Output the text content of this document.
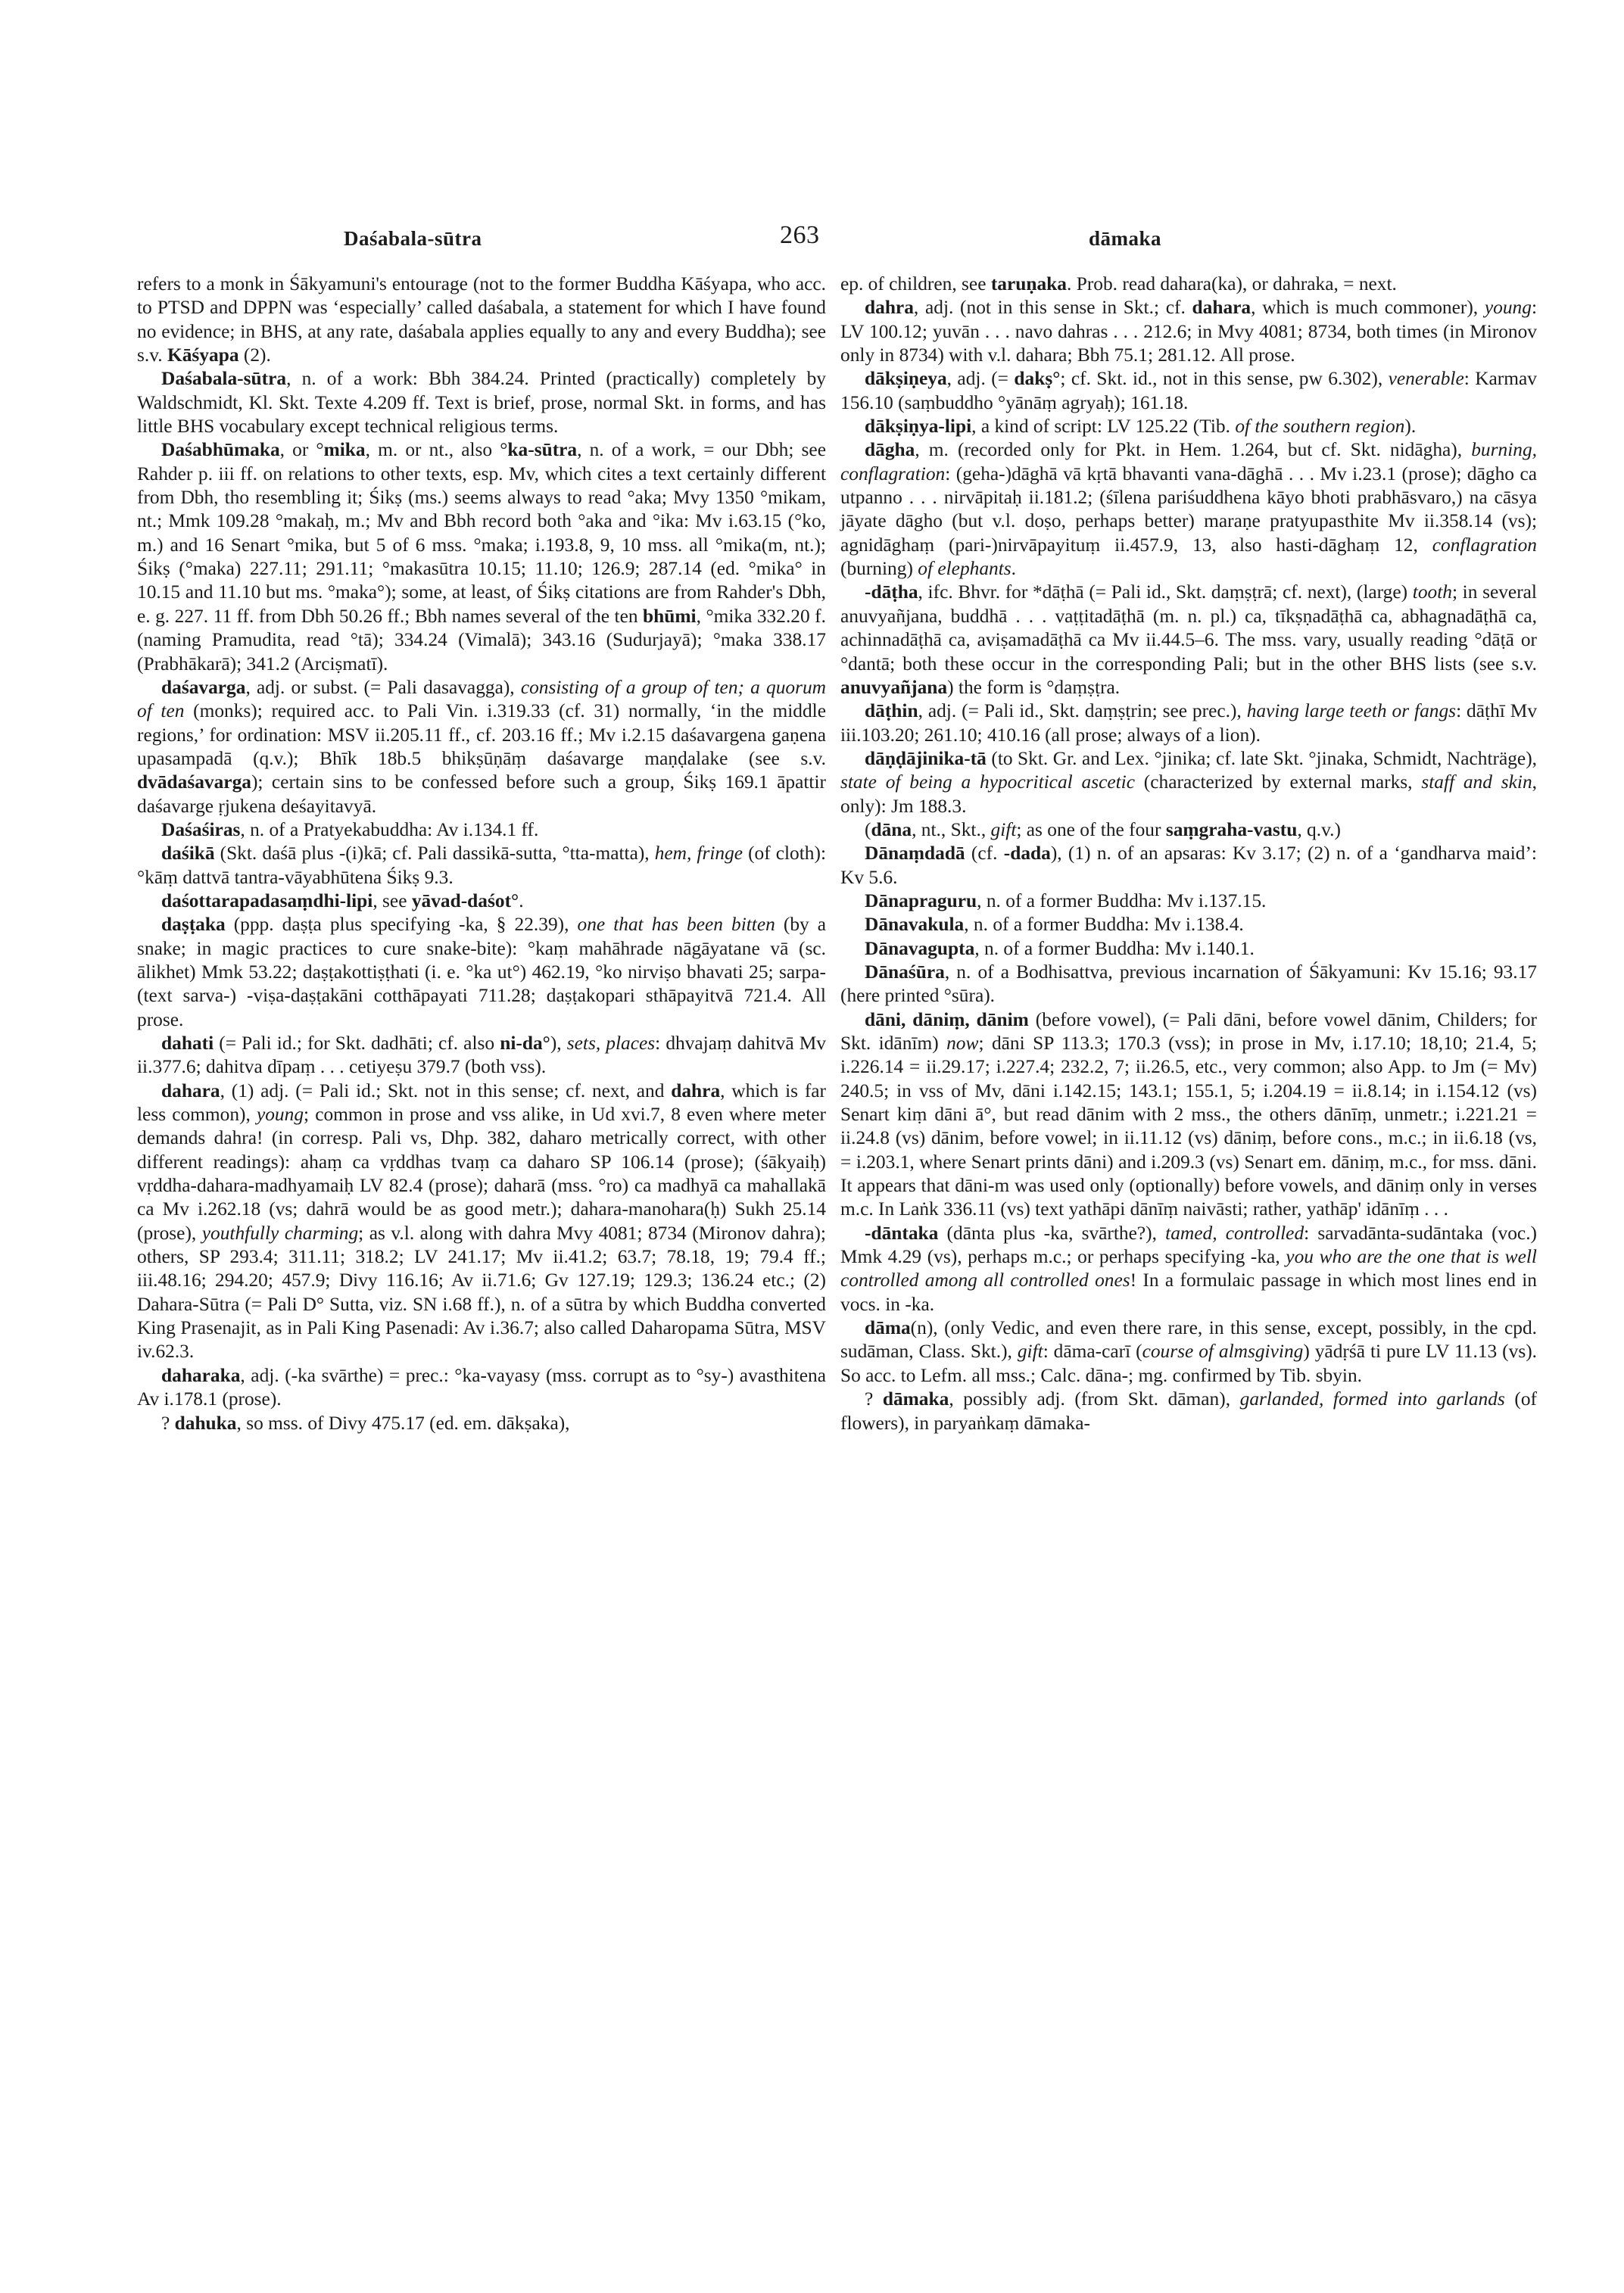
Daśabala-sūtra	263	dāmaka

refers to a monk in Śākyamuni's entourage (not to the former Buddha Kāśyapa, who acc. to PTSD and DPPN was ‘especially’ called daśabala, a statement for which I have found no evidence; in BHS, at any rate, daśabala applies equally to any and every Buddha); see s.v. Kāśyapa (2).

Daśabala-sūtra, n. of a work: Bbh 384.24. Printed (practically) completely by Waldschmidt, Kl. Skt. Texte 4.209 ff. Text is brief, prose, normal Skt. in forms, and has little BHS vocabulary except technical religious terms.

Daśabhūmaka, or °mika, m. or nt., also °ka-sūtra, n. of a work, = our Dbh; see Rahder p. iii ff. on relations to other texts, esp. Mv, which cites a text certainly different from Dbh, tho resembling it; Śikṣ (ms.) seems always to read °aka; Mvy 1350 °mikam, nt.; Mmk 109.28 °makaḥ, m.; Mv and Bbh record both °aka and °ika: Mv i.63.15 (°ko, m.) and 16 Senart °mika, but 5 of 6 mss. °maka; i.193.8, 9, 10 mss. all °mika(m, nt.); Śikṣ (°maka) 227.11; 291.11; °makasūtra 10.15; 11.10; 126.9; 287.14 (ed. °mika° in 10.15 and 11.10 but ms. °maka°); some, at least, of Śikṣ citations are from Rahder's Dbh, e. g. 227. 11 ff. from Dbh 50.26 ff.; Bbh names several of the ten bhūmi, °mika 332.20 f. (naming Pramudita, read °tā); 334.24 (Vimalā); 343.16 (Sudurjayā); °maka 338.17 (Prabhākarā); 341.2 (Arciṣmatī).

daśavarga, adj. or subst. (= Pali dasavagga), consisting of a group of ten; a quorum of ten (monks); required acc. to Pali Vin. i.319.33 (cf. 31) normally, ‘in the middle regions,’ for ordination: MSV ii.205.11 ff., cf. 203.16 ff.; Mv i.2.15 daśavargena gaṇena upasampadā (q.v.); Bhīk 18b.5 bhikṣūṇāṃ daśavarge maṇḍalake (see s.v. dvādaśavarga); certain sins to be confessed before such a group, Śikṣ 169.1 āpattir daśavarge ṛjukena deśayitavyā.

Daśaśiras, n. of a Pratyekabuddha: Av i.134.1 ff.

daśikā (Skt. daśā plus -(i)kā; cf. Pali dassikā-sutta, °tta-matta), hem, fringe (of cloth): °kāṃ dattvā tantra-vāyabhūtena Śikṣ 9.3.

daśottarapadasaṃdhi-lipi, see yāvad-daśot°.

daṣṭaka (ppp. daṣṭa plus specifying -ka, § 22.39), one that has been bitten (by a snake; in magic practices to cure snake-bite): °kaṃ mahāhrade nāgāyatane vā (sc. ālikhet) Mmk 53.22; daṣṭakottiṣṭhati (i. e. °ka ut°) 462.19, °ko nirviṣo bhavati 25; sarpa- (text sarva-) -viṣa-daṣṭakāni cotthāpayati 711.28; daṣṭakopari sthāpayitvā 721.4. All prose.

dahati (= Pali id.; for Skt. dadhāti; cf. also ni-da°), sets, places: dhvajaṃ dahitvā Mv ii.377.6; dahitva dīpaṃ . . . cetiyeṣu 379.7 (both vss).

dahara, (1) adj. (= Pali id.; Skt. not in this sense; cf. next, and dahra, which is far less common), young; common in prose and vss alike, in Ud xvi.7, 8 even where meter demands dahra! (in corresp. Pali vs, Dhp. 382, daharo metrically correct, with other different readings): ahaṃ ca vṛddhas tvaṃ ca daharo SP 106.14 (prose); (śākyaiḥ) vṛddha-dahara-madhyamaiḥ LV 82.4 (prose); daharā (mss. °ro) ca madhyā ca mahallakā ca Mv i.262.18 (vs; dahrā would be as good metr.); dahara-manohara(ḥ) Sukh 25.14 (prose), youthfully charming; as v.l. along with dahra Mvy 4081; 8734 (Mironov dahra); others, SP 293.4; 311.11; 318.2; LV 241.17; Mv ii.41.2; 63.7; 78.18, 19; 79.4 ff.; iii.48.16; 294.20; 457.9; Divy 116.16; Av ii.71.6; Gv 127.19; 129.3; 136.24 etc.; (2) Dahara-Sūtra (= Pali D° Sutta, viz. SN i.68 ff.), n. of a sūtra by which Buddha converted King Prasenajit, as in Pali King Pasenadi: Av i.36.7; also called Daharopama Sūtra, MSV iv.62.3.

daharaka, adj. (-ka svārthe) = prec.: °ka-vayasy (mss. corrupt as to °sy-) avasthitena Av i.178.1 (prose).

? dahuka, so mss. of Divy 475.17 (ed. em. dākṣaka),

ep. of children, see taruṇaka. Prob. read dahara(ka), or dahraka, = next.

dahra, adj. (not in this sense in Skt.; cf. dahara, which is much commoner), young: LV 100.12; yuvān . . . navo dahras . . . 212.6; in Mvy 4081; 8734, both times (in Mironov only in 8734) with v.l. dahara; Bbh 75.1; 281.12. All prose.

dākṣiṇeya, adj. (= dakṣ°; cf. Skt. id., not in this sense, pw 6.302), venerable: Karmav 156.10 (saṃbuddho °yānāṃ agryaḥ); 161.18.

dākṣiṇya-lipi, a kind of script: LV 125.22 (Tib. of the southern region).

dāgha, m. (recorded only for Pkt. in Hem. 1.264, but cf. Skt. nidāgha), burning, conflagration: (geha-)dāghā vā kṛtā bhavanti vana-dāghā . . . Mv i.23.1 (prose); dāgho ca utpanno . . . nirvāpitaḥ ii.181.2; (śīlena pariśuddhena kāyo bhoti prabhāsvaro,) na cāsya jāyate dāgho (but v.l. doṣo, perhaps better) maraṇe pratyupasthite Mv ii.358.14 (vs); agnidāghaṃ (pari-)nirvāpayituṃ ii.457.9, 13, also hasti-dāghaṃ 12, conflagration (burning) of elephants.

-dāṭha, ifc. Bhvr. for *dāṭhā (= Pali id., Skt. daṃṣṭrā; cf. next), (large) tooth; in several anuvyañjana, buddhā . . . vaṭṭitadāṭhā (m. n. pl.) ca, tīkṣṇadāṭhā ca, abhagnadāṭhā ca, achinnadāṭhā ca, aviṣamadāṭhā ca Mv ii.44.5–6. The mss. vary, usually reading °dāṭā or °dantā; both these occur in the corresponding Pali; but in the other BHS lists (see s.v. anuvyañjana) the form is °daṃṣṭra.

dāṭhin, adj. (= Pali id., Skt. daṃṣṭrin; see prec.), having large teeth or fangs: dāṭhī Mv iii.103.20; 261.10; 410.16 (all prose; always of a lion).

dāṇḍājinika-tā (to Skt. Gr. and Lex. °jinika; cf. late Skt. °jinaka, Schmidt, Nachträge), state of being a hypocritical ascetic (characterized by external marks, staff and skin, only): Jm 188.3.

(dāna, nt., Skt., gift; as one of the four saṃgraha-vastu, q.v.)

Dānaṃdadā (cf. -dada), (1) n. of an apsaras: Kv 3.17; (2) n. of a ‘gandharva maid’: Kv 5.6.

Dānapraguru, n. of a former Buddha: Mv i.137.15.

Dānavakula, n. of a former Buddha: Mv i.138.4.

Dānavagupta, n. of a former Buddha: Mv i.140.1.

Dānaśūra, n. of a Bodhisattva, previous incarnation of Śākyamuni: Kv 15.16; 93.17 (here printed °sūra).

dāni, dāniṃ, dānim (before vowel), (= Pali dāni, before vowel dānim, Childers; for Skt. idānīm) now; dāni SP 113.3; 170.3 (vss); in prose in Mv, i.17.10; 18,10; 21.4, 5; i.226.14 = ii.29.17; i.227.4; 232.2, 7; ii.26.5, etc., very common; also App. to Jm (= Mv) 240.5; in vss of Mv, dāni i.142.15; 143.1; 155.1, 5; i.204.19 = ii.8.14; in i.154.12 (vs) Senart kiṃ dāni ā°, but read dānim with 2 mss., the others dānīṃ, unmetr.; i.221.21 = ii.24.8 (vs) dānim, before vowel; in ii.11.12 (vs) dāniṃ, before cons., m.c.; in ii.6.18 (vs, = i.203.1, where Senart prints dāni) and i.209.3 (vs) Senart em. dāniṃ, m.c., for mss. dāni. It appears that dāni-m was used only (optionally) before vowels, and dāniṃ only in verses m.c. In Laṅk 336.11 (vs) text yathāpi dānīṃ naivāsti; rather, yathāp' idānīṃ . . .

-dāntaka (dānta plus -ka, svārthe?), tamed, controlled: sarvadānta-sudāntaka (voc.) Mmk 4.29 (vs), perhaps m.c.; or perhaps specifying -ka, you who are the one that is well controlled among all controlled ones! In a formulaic passage in which most lines end in vocs. in -ka.

dāma(n), (only Vedic, and even there rare, in this sense, except, possibly, in the cpd. sudāman, Class. Skt.), gift: dāma-carī (course of almsgiving) yādṛśā ti pure LV 11.13 (vs). So acc. to Lefm. all mss.; Calc. dāna-; mg. confirmed by Tib. sbyin.

? dāmaka, possibly adj. (from Skt. dāman), garlanded, formed into garlands (of flowers), in paryaṅkaṃ dāmaka-
